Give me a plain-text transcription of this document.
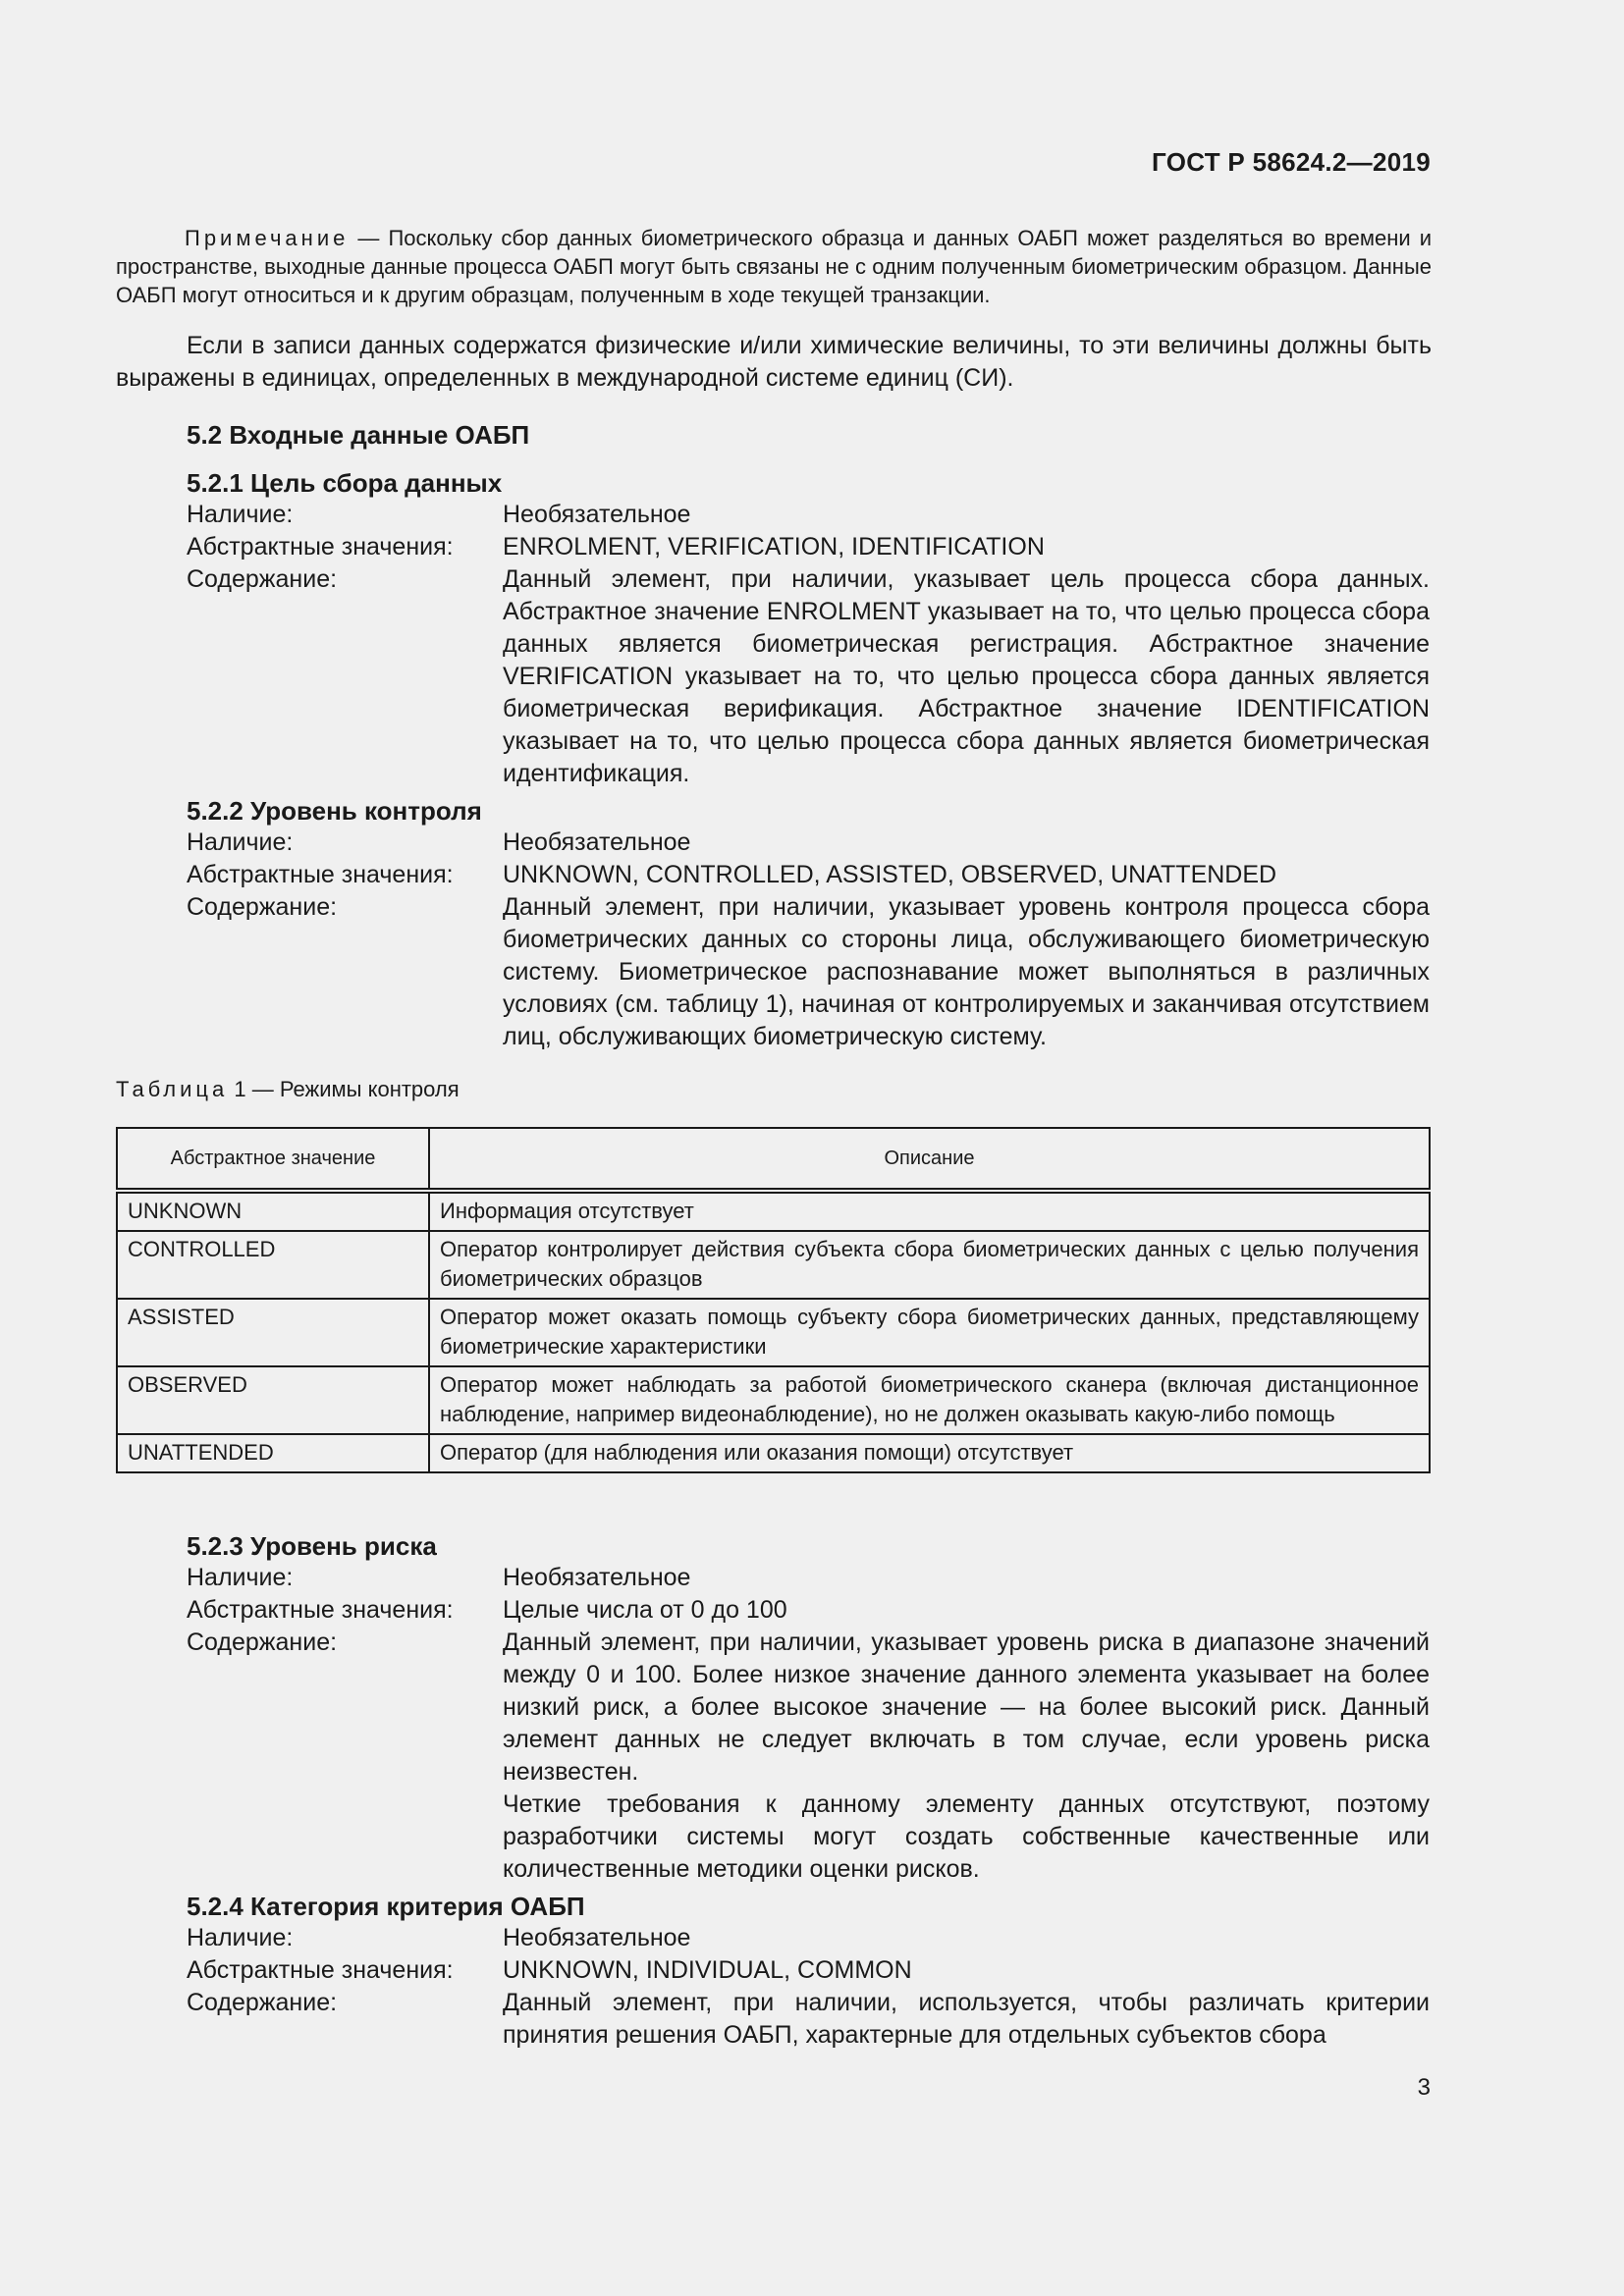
ГОСТ Р 58624.2—2019
Примечание — Поскольку сбор данных биометрического образца и данных ОАБП может разделяться во времени и пространстве, выходные данные процесса ОАБП могут быть связаны не с одним полученным биометрическим образцом. Данные ОАБП могут относиться и к другим образцам, полученным в ходе текущей транзакции.
Если в записи данных содержатся физические и/или химические величины, то эти величины должны быть выражены в единицах, определенных в международной системе единиц (СИ).
5.2 Входные данные ОАБП
5.2.1 Цель сбора данных
Наличие:	Необязательное
Абстрактные значения: ENROLMENT, VERIFICATION, IDENTIFICATION
Содержание:	Данный элемент, при наличии, указывает цель процесса сбора данных. Абстрактное значение ENROLMENT указывает на то, что целью процесса сбора данных является биометрическая регистрация. Абстрактное значение VERIFICATION указывает на то, что целью процесса сбора данных является биометрическая верификация. Абстрактное значение IDENTIFICATION указывает на то, что целью процесса сбора данных является биометрическая идентификация.
5.2.2 Уровень контроля
Наличие:	Необязательное
Абстрактные значения: UNKNOWN, CONTROLLED, ASSISTED, OBSERVED, UNATTENDED
Содержание:	Данный элемент, при наличии, указывает уровень контроля процесса сбора биометрических данных со стороны лица, обслуживающего биометрическую систему. Биометрическое распознавание может выполняться в различных условиях (см. таблицу 1), начиная от контролируемых и заканчивая отсутствием лиц, обслуживающих биометрическую систему.
Таблица 1 — Режимы контроля
Абстрактное значение	Описание
UNKNOWN	Информация отсутствует
CONTROLLED	Оператор контролирует действия субъекта сбора биометрических данных с целью получения биометрических образцов
ASSISTED	Оператор может оказать помощь субъекту сбора биометрических данных, представляющему биометрические характеристики
OBSERVED	Оператор может наблюдать за работой биометрического сканера (включая дистанционное наблюдение, например видеонаблюдение), но не должен оказывать какую-либо помощь
UNATTENDED	Оператор (для наблюдения или оказания помощи) отсутствует
5.2.3 Уровень риска
Наличие:	Необязательное
Абстрактные значения: Целые числа от 0 до 100
Содержание:	Данный элемент, при наличии, указывает уровень риска в диапазоне значений между 0 и 100. Более низкое значение данного элемента указывает на более низкий риск, а более высокое значение — на более высокий риск. Данный элемент данных не следует включать в том случае, если уровень риска неизвестен.

Четкие требования к данному элементу данных отсутствуют, поэтому разработчики системы могут создать собственные качественные или количественные методики оценки рисков.

5.2.4 Категория критерия ОАБП
Наличие:	Необязательное
Абстрактные значения: UNKNOWN, INDIVIDUAL, COMMON
Содержание:	Данный элемент, при наличии, используется, чтобы различать критерии принятия решения ОАБП, характерные для отдельных субъектов сбора
3
